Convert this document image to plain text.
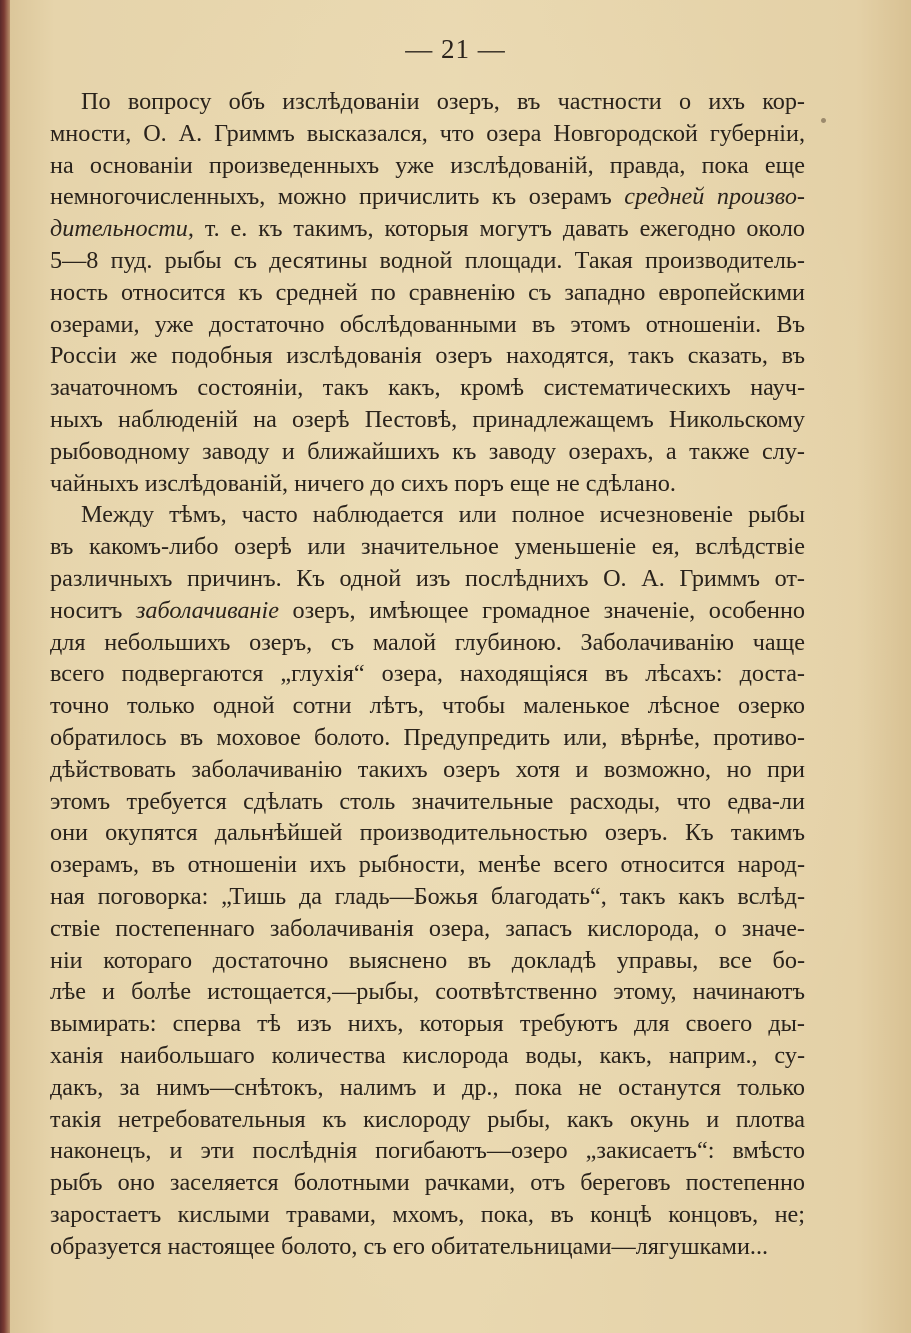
— 21 —
По вопросу объ изслѣдованіи озеръ, въ частности о ихъ кор-
мности, О. А. Гриммъ высказался, что озера Новгородской губерніи,
на основаніи произведенныхъ уже изслѣдованій, правда, пока еще
немногочисленныхъ, можно причислить къ озерамъ средней произво-
дительности, т. е. къ такимъ, которыя могутъ давать ежегодно около
5—8 пуд. рыбы съ десятины водной площади. Такая производитель-
ность относится къ средней по сравненію съ западно европейскими
озерами, уже достаточно обслѣдованными въ этомъ отношеніи. Въ
Россіи же подобныя изслѣдованія озеръ находятся, такъ сказать, въ
зачаточномъ состояніи, такъ какъ, кромѣ систематическихъ науч-
ныхъ наблюденій на озерѣ Пестовѣ, принадлежащемъ Никольскому
рыбоводному заводу и ближайшихъ къ заводу озерахъ, а также слу-
чайныхъ изслѣдованій, ничего до сихъ поръ еще не сдѣлано.
Между тѣмъ, часто наблюдается или полное исчезновеніе рыбы
въ какомъ-либо озерѣ или значительное уменьшеніе ея, вслѣдствіе
различныхъ причинъ. Къ одной изъ послѣднихъ О. А. Гриммъ от-
носитъ заболачиваніе озеръ, имѣющее громадное значеніе, особенно
для небольшихъ озеръ, съ малой глубиною. Заболачиванію чаще
всего подвергаются „глухія“ озера, находящіяся въ лѣсахъ: доста-
точно только одной сотни лѣтъ, чтобы маленькое лѣсное озерко
обратилось въ моховое болото. Предупредить или, вѣрнѣе, противо-
дѣйствовать заболачиванію такихъ озеръ хотя и возможно, но при
этомъ требуется сдѣлать столь значительные расходы, что едва-ли
они окупятся дальнѣйшей производительностью озеръ. Къ такимъ
озерамъ, въ отношеніи ихъ рыбности, менѣе всего относится народ-
ная поговорка: „Тишь да гладь—Божья благодать“, такъ какъ вслѣд-
ствіе постепеннаго заболачиванія озера, запасъ кислорода, о значе-
ніи котораго достаточно выяснено въ докладѣ управы, все бо-
лѣе и болѣе истощается,—рыбы, соотвѣтственно этому, начинаютъ
вымирать: сперва тѣ изъ нихъ, которыя требуютъ для своего ды-
ханія наибольшаго количества кислорода воды, какъ, наприм., су-
дакъ, за нимъ—снѣтокъ, налимъ и др., пока не останутся только
такія нетребовательныя къ кислороду рыбы, какъ окунь и плотва
наконецъ, и эти послѣднія погибаютъ—озеро „закисаетъ“: вмѣсто
рыбъ оно заселяется болотными рачками, отъ береговъ постепенно
заростаетъ кислыми травами, мхомъ, пока, въ концѣ концовъ, не;
образуется настоящее болото, съ его обитательницами—лягушками...
